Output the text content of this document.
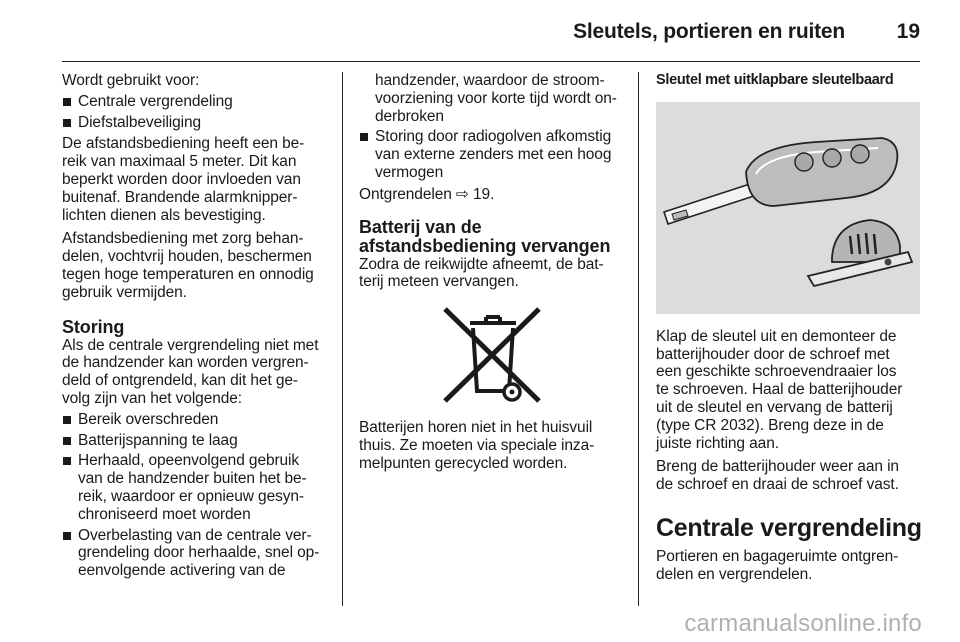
Sleutels, portieren en ruiten 19
Wordt gebruikt voor:
Centrale vergrendeling
Diefstalbeveiliging
De afstandsbediening heeft een be-
reik van maximaal 5 meter. Dit kan
beperkt worden door invloeden van
buitenaf. Brandende alarmknipper-
lichten dienen als bevestiging.
Afstandsbediening met zorg behan-
delen, vochtvrij houden, beschermen
tegen hoge temperaturen en onnodig
gebruik vermijden.
Storing
Als de centrale vergrendeling niet met
de handzender kan worden vergren-
deld of ontgrendeld, kan dit het ge-
volg zijn van het volgende:
Bereik overschreden
Batterijspanning te laag
Herhaald, opeenvolgend gebruik
van de handzender buiten het be-
reik, waardoor er opnieuw gesyn-
chroniseerd moet worden
Overbelasting van de centrale ver-
grendeling door herhaalde, snel op-
eenvolgende activering van de
handzender, waardoor de stroom-
voorziening voor korte tijd wordt on-
derbroken
Storing door radiogolven afkomstig
van externe zenders met een hoog
vermogen
Ontgrendelen ⇨ 19.
Batterij van de
afstandsbediening vervangen
Zodra de reikwijdte afneemt, de bat-
terij meteen vervangen.
Batterijen horen niet in het huisvuil
thuis. Ze moeten via speciale inza-
melpunten gerecycled worden.
Sleutel met uitklapbare sleutelbaard
Klap de sleutel uit en demonteer de
batterijhouder door de schroef met
een geschikte schroevendraaier los
te schroeven. Haal de batterijhouder
uit de sleutel en vervang de batterij
(type CR 2032). Breng deze in de
juiste richting aan.
Breng de batterijhouder weer aan in
de schroef en draai de schroef vast.
Centrale vergrendeling
Portieren en bagageruimte ontgren-
delen en vergrendelen.
carmanualsonline.info
